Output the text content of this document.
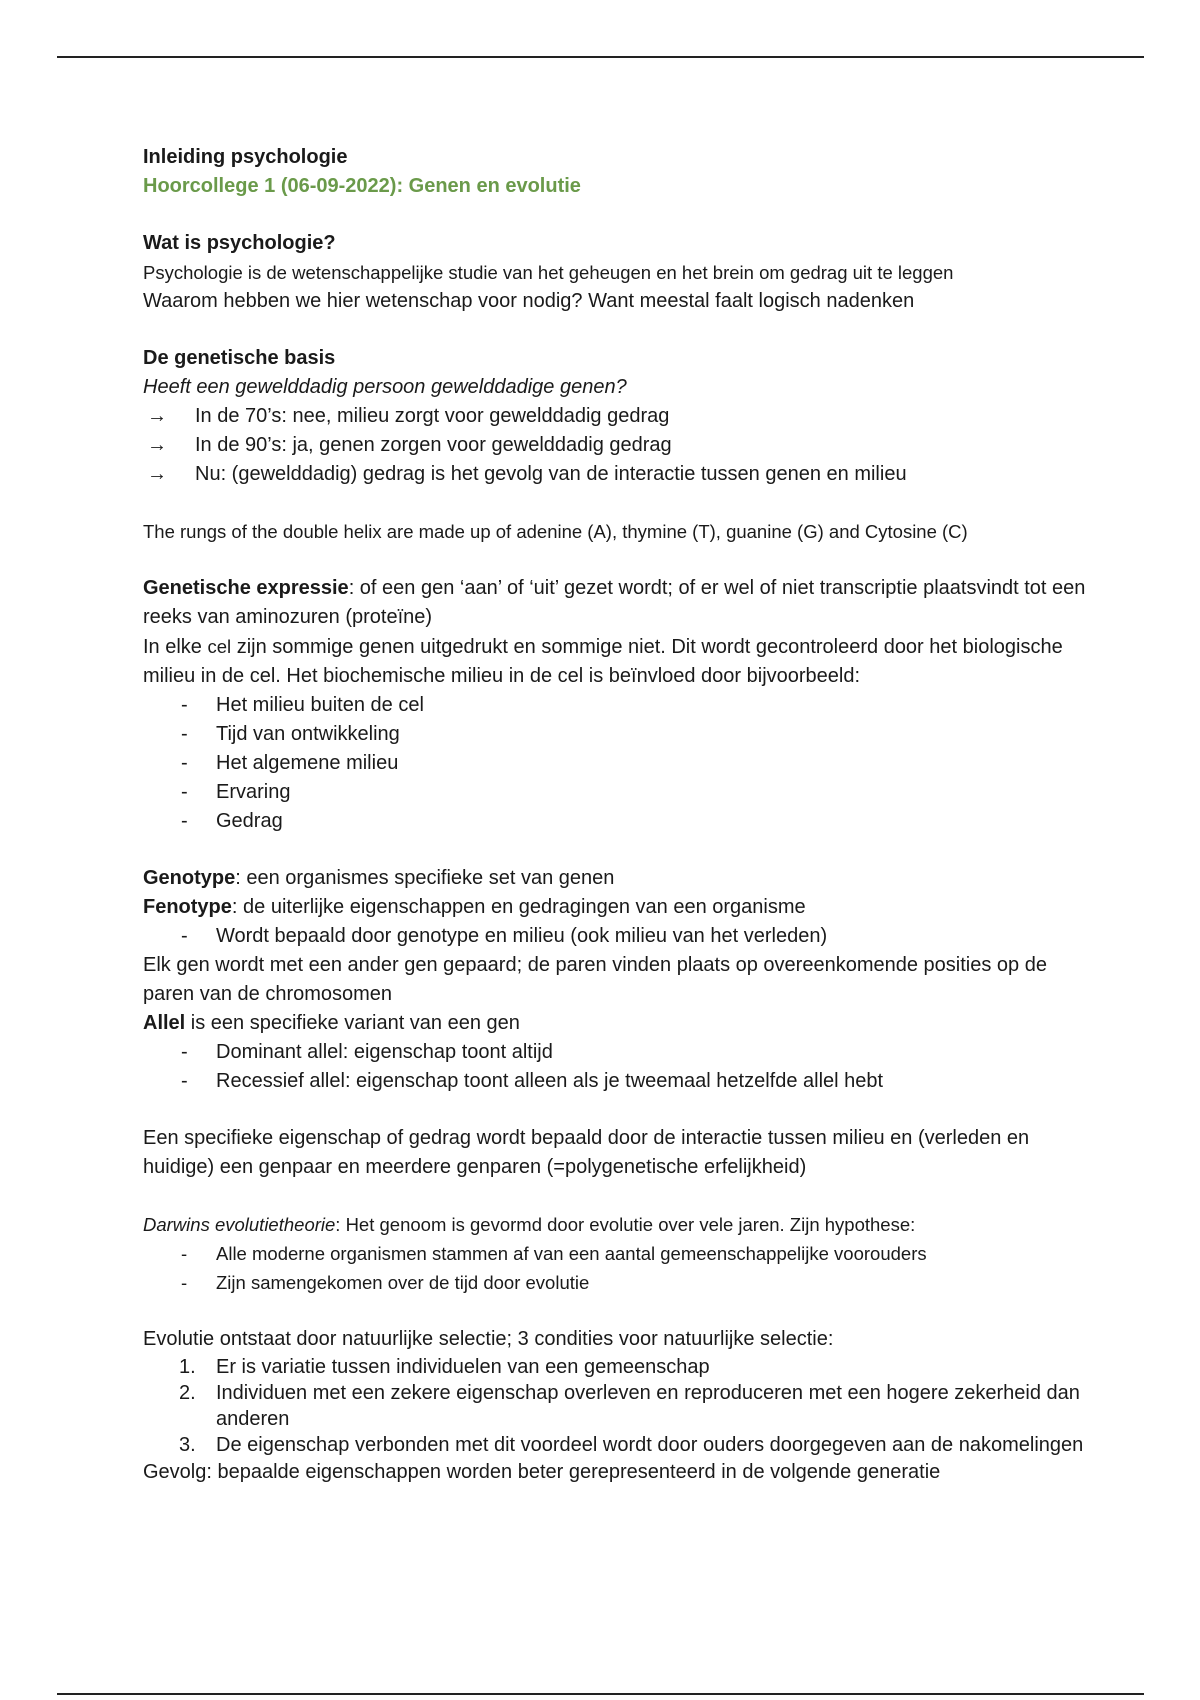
Inleiding psychologie

Hoorcollege 1 (06-09-2022): Genen en evolutie

Wat is psychologie?

Psychologie is de wetenschappelijke studie van het geheugen en het brein om gedrag uit te leggen

Waarom hebben we hier wetenschap voor nodig? Want meestal faalt logisch nadenken

De genetische basis

Heeft een gewelddadig persoon gewelddadige genen?

→ In de 70’s: nee, milieu zorgt voor gewelddadig gedrag
→ In de 90’s: ja, genen zorgen voor gewelddadig gedrag
→ Nu: (gewelddadig) gedrag is het gevolg van de interactie tussen genen en milieu

The rungs of the double helix are made up of adenine (A), thymine (T), guanine (G) and Cytosine (C)

Genetische expressie: of een gen ‘aan’ of ‘uit’ gezet wordt; of er wel of niet transcriptie plaatsvindt tot een reeks van aminozuren (proteïne)

In elke cel zijn sommige genen uitgedrukt en sommige niet. Dit wordt gecontroleerd door het biologische milieu in de cel. Het biochemische milieu in de cel is beïnvloed door bijvoorbeeld:

- Het milieu buiten de cel
- Tijd van ontwikkeling
- Het algemene milieu
- Ervaring
- Gedrag

Genotype: een organismes specifieke set van genen

Fenotype: de uiterlijke eigenschappen en gedragingen van een organisme

- Wordt bepaald door genotype en milieu (ook milieu van het verleden)

Elk gen wordt met een ander gen gepaard; de paren vinden plaats op overeenkomende posities op de paren van de chromosomen

Allel is een specifieke variant van een gen

- Dominant allel: eigenschap toont altijd
- Recessief allel: eigenschap toont alleen als je tweemaal hetzelfde allel hebt

Een specifieke eigenschap of gedrag wordt bepaald door de interactie tussen milieu en (verleden en huidige) een genpaar en meerdere genparen (=polygenetische erfelijkheid)

Darwins evolutietheorie: Het genoom is gevormd door evolutie over vele jaren. Zijn hypothese:

- Alle moderne organismen stammen af van een aantal gemeenschappelijke voorouders
- Zijn samengekomen over de tijd door evolutie

Evolutie ontstaat door natuurlijke selectie; 3 condities voor natuurlijke selectie:

1. Er is variatie tussen individuelen van een gemeenschap
2. Individuen met een zekere eigenschap overleven en reproduceren met een hogere zekerheid dan anderen
3. De eigenschap verbonden met dit voordeel wordt door ouders doorgegeven aan de nakomelingen

Gevolg: bepaalde eigenschappen worden beter gerepresenteerd in de volgende generatie
